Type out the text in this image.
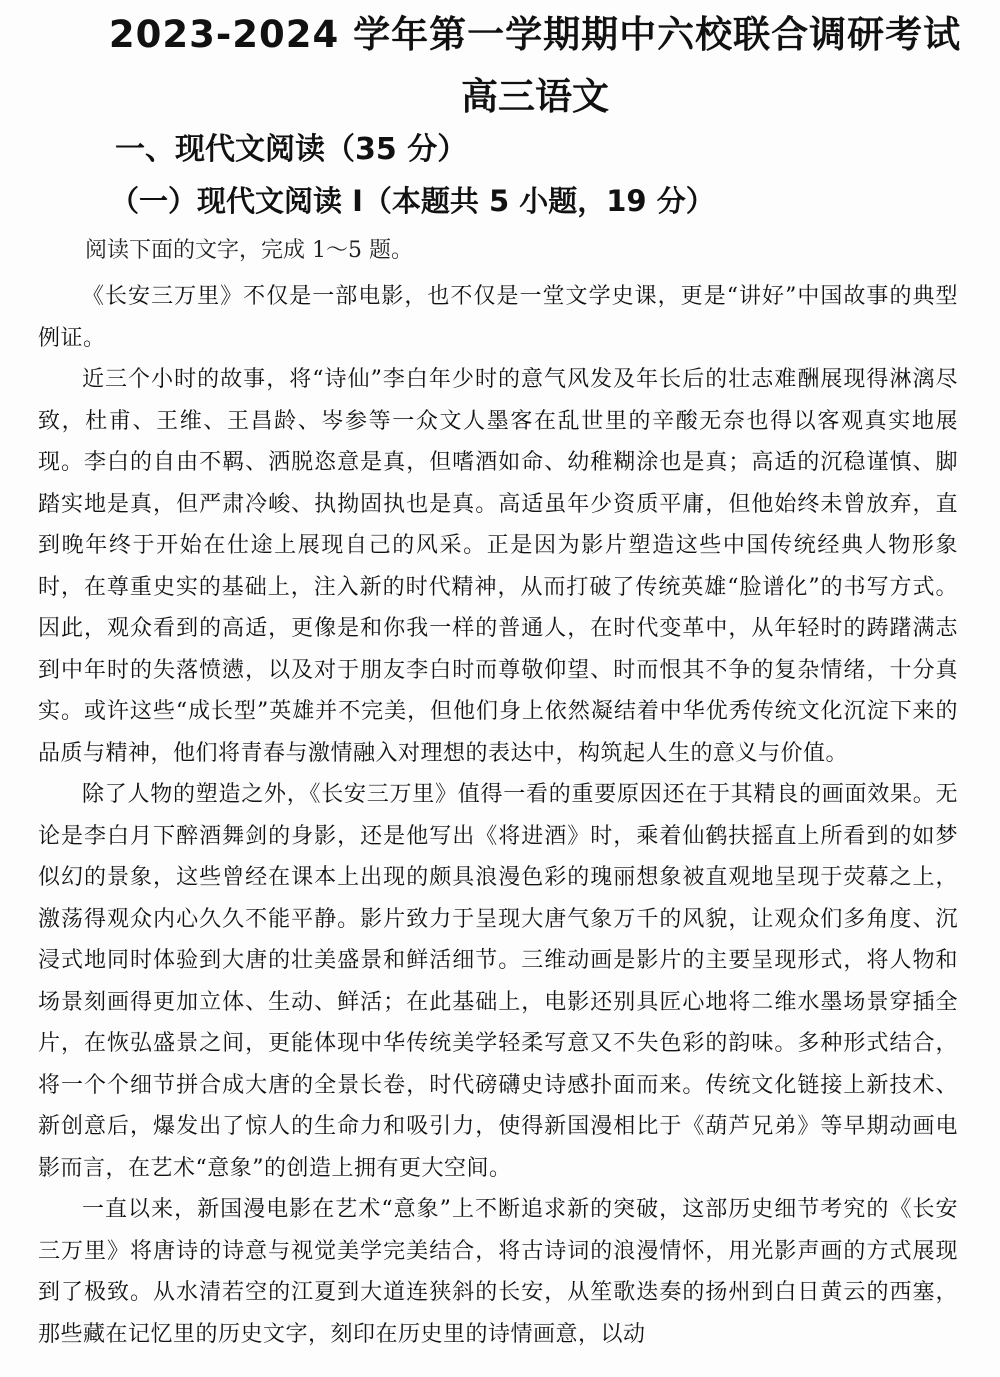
2023-2024 学年第一学期期中六校联合调研考试
高三语文
一、现代文阅读（35 分）
（一）现代文阅读 I（本题共 5 小题，19 分）
阅读下面的文字，完成 1～5 题。

《长安三万里》不仅是一部电影，也不仅是一堂文学史课，更是“讲好”中国故事的典型例证。

近三个小时的故事，将“诗仙”李白年少时的意气风发及年长后的壮志难酬展现得淋漓尽致，杜甫、王维、王昌龄、岑参等一众文人墨客在乱世里的辛酸无奈也得以客观真实地展现。李白的自由不羁、洒脱恣意是真，但嗜酒如命、幼稚糊涂也是真；高适的沉稳谨慎、脚踏实地是真，但严肃冷峻、执拗固执也是真。高适虽年少资质平庸，但他始终未曾放弃，直到晚年终于开始在仕途上展现自己的风采。正是因为影片塑造这些中国传统经典人物形象时，在尊重史实的基础上，注入新的时代精神，从而打破了传统英雄“脸谱化”的书写方式。因此，观众看到的高适，更像是和你我一样的普通人，在时代变革中，从年轻时的踌躇满志到中年时的失落愤懑，以及对于朋友李白时而尊敬仰望、时而恨其不争的复杂情绪，十分真实。或许这些“成长型”英雄并不完美，但他们身上依然凝结着中华优秀传统文化沉淀下来的品质与精神，他们将青春与激情融入对理想的表达中，构筑起人生的意义与价值。

除了人物的塑造之外，《长安三万里》值得一看的重要原因还在于其精良的画面效果。无论是李白月下醉酒舞剑的身影，还是他写出《将进酒》时，乘着仙鹤扶摇直上所看到的如梦似幻的景象，这些曾经在课本上出现的颇具浪漫色彩的瑰丽想象被直观地呈现于荧幕之上，激荡得观众内心久久不能平静。影片致力于呈现大唐气象万千的风貌，让观众们多角度、沉浸式地同时体验到大唐的壮美盛景和鲜活细节。三维动画是影片的主要呈现形式，将人物和场景刻画得更加立体、生动、鲜活；在此基础上，电影还别具匠心地将二维水墨场景穿插全片，在恢弘盛景之间，更能体现中华传统美学轻柔写意又不失色彩的韵味。多种形式结合，将一个个细节拼合成大唐的全景长卷，时代磅礴史诗感扑面而来。传统文化链接上新技术、新创意后，爆发出了惊人的生命力和吸引力，使得新国漫相比于《葫芦兄弟》等早期动画电影而言，在艺术“意象”的创造上拥有更大空间。

一直以来，新国漫电影在艺术“意象”上不断追求新的突破，这部历史细节考究的《长安三万里》将唐诗的诗意与视觉美学完美结合，将古诗词的浪漫情怀，用光影声画的方式展现到了极致。从水清若空的江夏到大道连狭斜的长安，从笙歌迭奏的扬州到白日黄云的西塞，那些藏在记忆里的历史文字，刻印在历史里的诗情画意，以动
